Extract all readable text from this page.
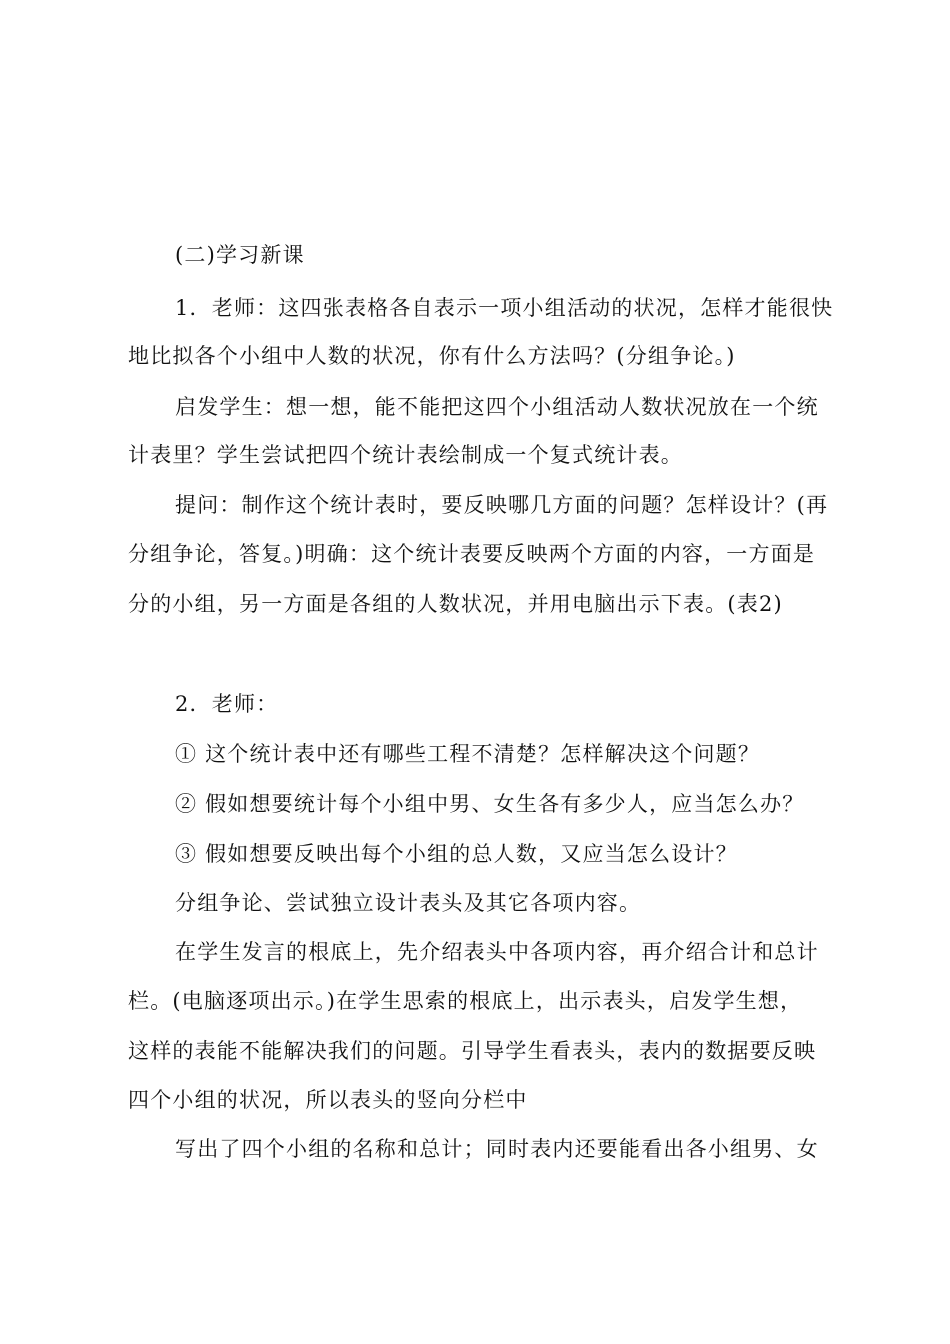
(二)学习新课
1．老师：这四张表格各自表示一项小组活动的状况，怎样才能很快
地比拟各个小组中人数的状况，你有什么方法吗？(分组争论。)
启发学生：想一想，能不能把这四个小组活动人数状况放在一个统
计表里？学生尝试把四个统计表绘制成一个复式统计表。
提问：制作这个统计表时，要反映哪几方面的问题？怎样设计？(再
分组争论，答复。)明确：这个统计表要反映两个方面的内容，一方面是
分的小组，另一方面是各组的人数状况，并用电脑出示下表。(表2)
2．老师：
① 这个统计表中还有哪些工程不清楚？怎样解决这个问题？
② 假如想要统计每个小组中男、女生各有多少人，应当怎么办？
③ 假如想要反映出每个小组的总人数，又应当怎么设计？
分组争论、尝试独立设计表头及其它各项内容。
在学生发言的根底上，先介绍表头中各项内容，再介绍合计和总计
栏。(电脑逐项出示。)在学生思索的根底上，出示表头，启发学生想，
这样的表能不能解决我们的问题。引导学生看表头，表内的数据要反映
四个小组的状况，所以表头的竖向分栏中
写出了四个小组的名称和总计；同时表内还要能看出各小组男、女
